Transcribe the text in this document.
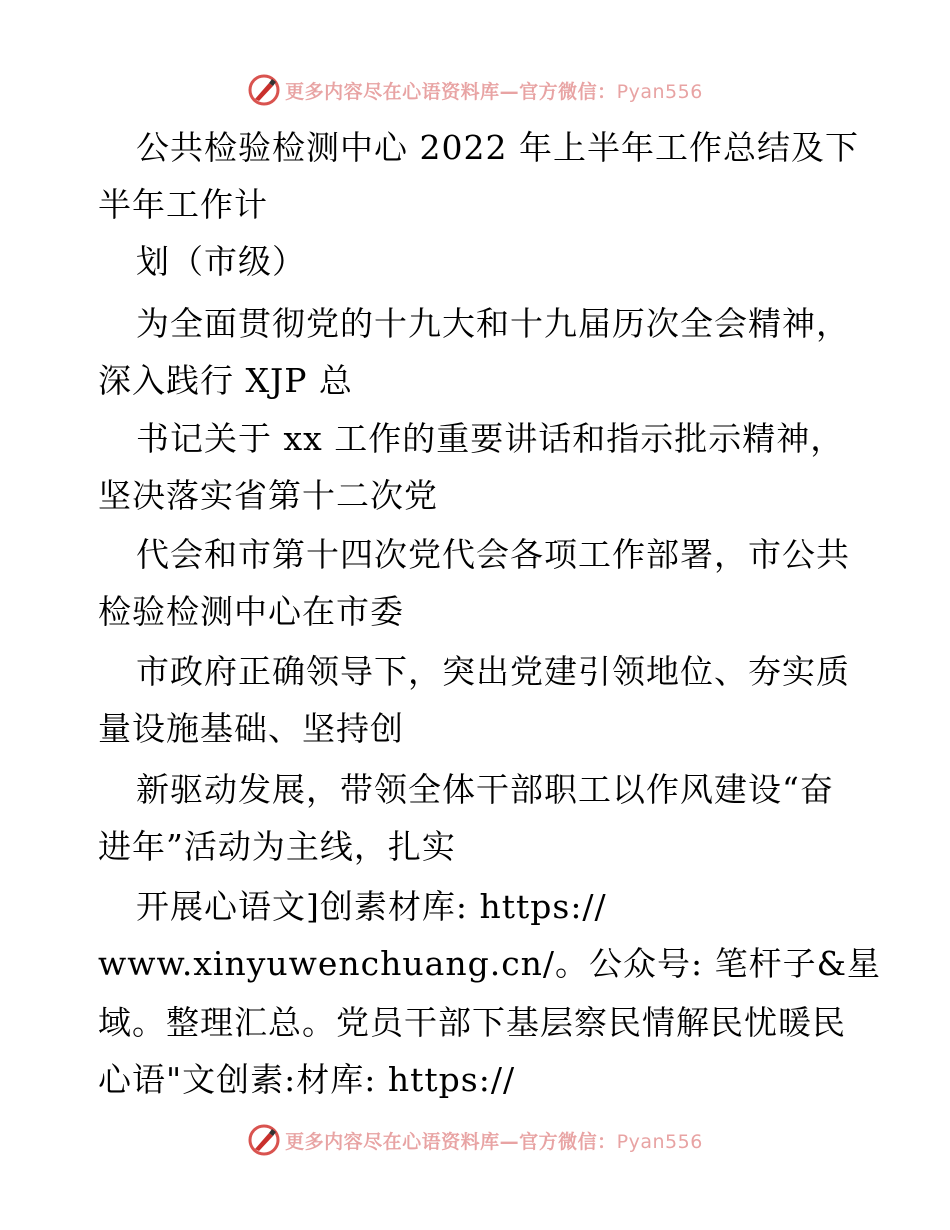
更多内容尽在心语资料库—官方微信：Pyan556
公共检验检测中心 2022 年上半年工作总结及下
半年工作计
划（市级）
为全面贯彻党的十九大和十九届历次全会精神，
深入践行 XJP 总
书记关于 xx 工作的重要讲话和指示批示精神，
坚决落实省第十二次党
代会和市第十四次党代会各项工作部署，市公共
检验检测中心在市委
市政府正确领导下，突出党建引领地位、夯实质
量设施基础、坚持创
新驱动发展，带领全体干部职工以作风建设“奋
进年”活动为主线，扎实
开展心语文]创素材库: https://
www.xinyuwenchuang.cn/。公众号: 笔杆子&星
域。整理汇总。党员干部下基层察民情解民忧暖民
心语"文创素:材库: https://
更多内容尽在心语资料库—官方微信：Pyan556
